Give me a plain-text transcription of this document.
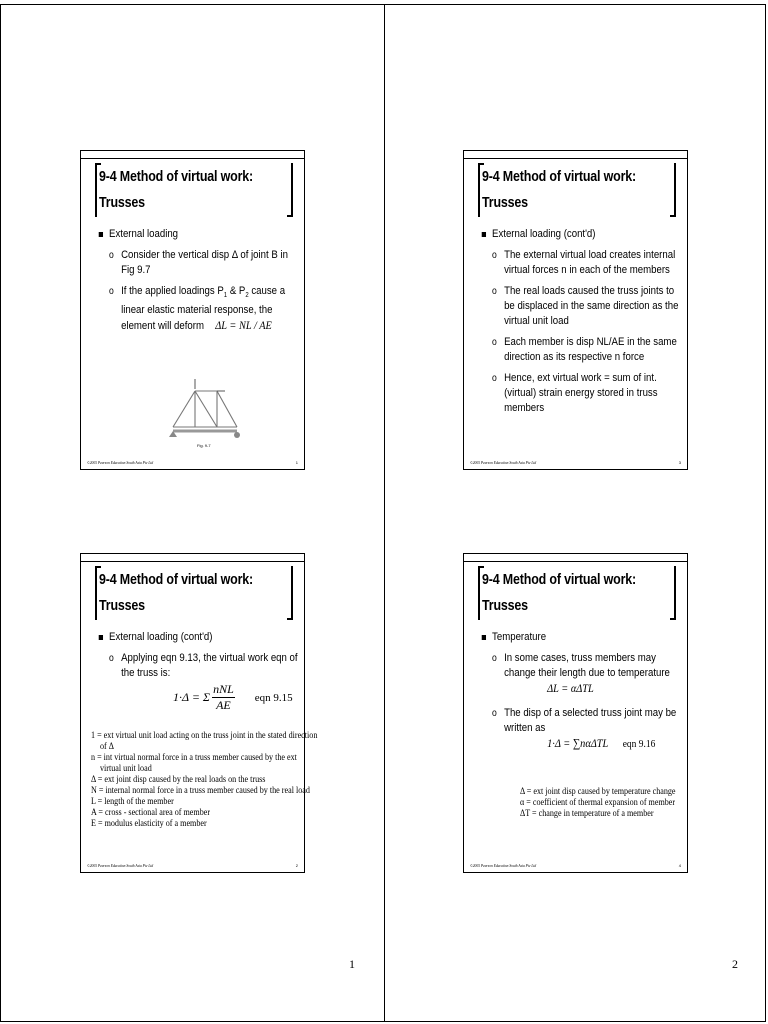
9-4 Method of virtual work:
Trusses
External loading
o Consider the vertical disp Δ of joint B in Fig 9.7
o If the applied loadings $P_1$ & $P_2$ cause a linear elastic material response, the element will deform ΔL = NL / AE
Fig. 9-7
©2005 Pearson Education South Asia Pte Ltd	1
9-4 Method of virtual work:
Trusses
External loading (cont'd)
o The external virtual load creates internal virtual forces n in each of the members
o The real loads caused the truss joints to be displaced in the same direction as the virtual unit load
o Each member is disp NL/AE in the same direction as its respective n force
o Hence, ext virtual work = sum of int. (virtual) strain energy stored in truss members
©2005 Pearson Education South Asia Pte Ltd	3
9-4 Method of virtual work:
Trusses
External loading (cont'd)
o Applying eqn 9.13, the virtual work eqn of the truss is:
1·Δ = Σ
nNL
AE
eqn 9.15
1 = ext virtual unit load acting on the truss joint in the stated direction
of Δ
n = int virtual normal force in a truss member caused by the ext
virtual unit load
Δ = ext joint disp caused by the real loads on the truss
N = internal normal force in a truss member caused by the real load
L = length of the member
A = cross - sectional area of member
E = modulus elasticity of a member
©2005 Pearson Education South Asia Pte Ltd	2
9-4 Method of virtual work:
Trusses
Temperature
o In some cases, truss members may change their length due to temperature
ΔL = αΔTL
o The disp of a selected truss joint may be written as
1·Δ = ∑nαΔTL eqn 9.16
Δ = ext joint disp caused by temperature change
α = coefficient of thermal expansion of member
ΔT = change in temperature of a member
©2005 Pearson Education South Asia Pte Ltd	4
1	2
